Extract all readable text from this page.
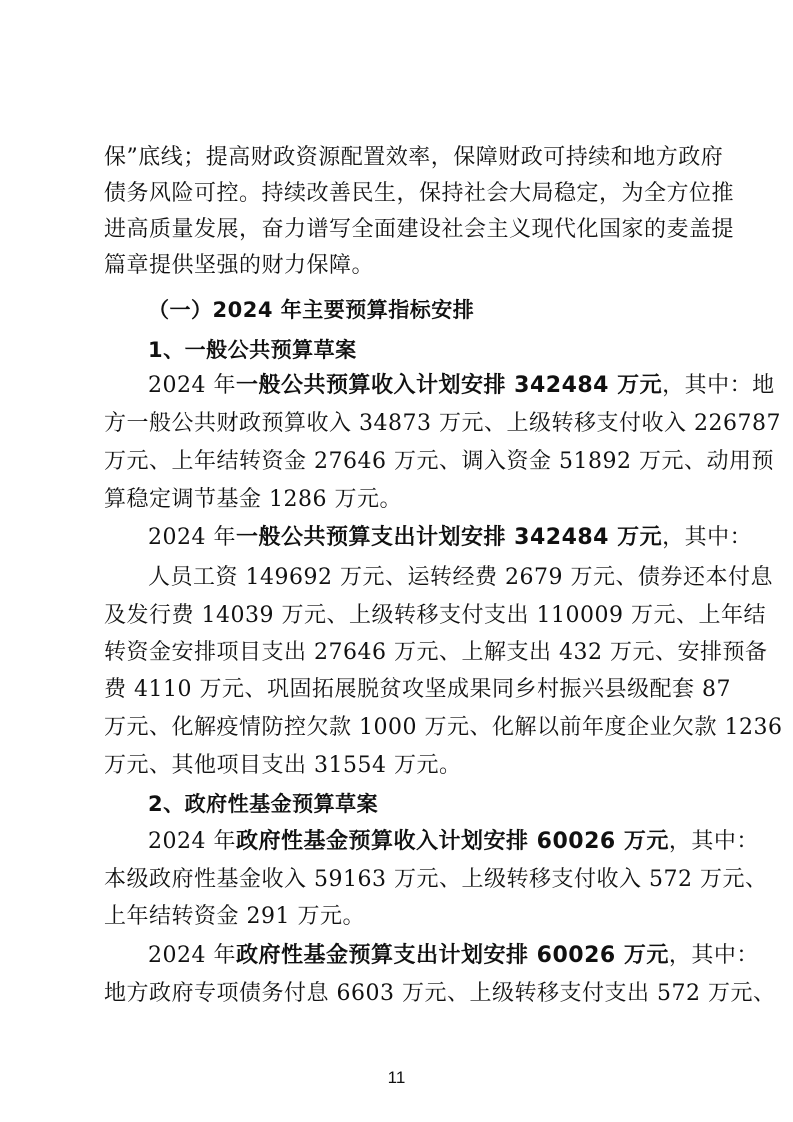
保”底线；提高财政资源配置效率，保障财政可持续和地方政府
债务风险可控。持续改善民生，保持社会大局稳定，为全方位推
进高质量发展，奋力谱写全面建设社会主义现代化国家的麦盖提
篇章提供坚强的财力保障。
（一）2024 年主要预算指标安排
1、一般公共预算草案
2024 年一般公共预算收入计划安排 342484 万元，其中：地
方一般公共财政预算收入 34873 万元、上级转移支付收入 226787
万元、上年结转资金 27646 万元、调入资金 51892 万元、动用预
算稳定调节基金 1286 万元。
2024 年一般公共预算支出计划安排 342484 万元，其中：
人员工资 149692 万元、运转经费 2679 万元、债券还本付息
及发行费 14039 万元、上级转移支付支出 110009 万元、上年结
转资金安排项目支出 27646 万元、上解支出 432 万元、安排预备
费 4110 万元、巩固拓展脱贫攻坚成果同乡村振兴县级配套 87
万元、化解疫情防控欠款 1000 万元、化解以前年度企业欠款 1236
万元、其他项目支出 31554 万元。
2、政府性基金预算草案
2024 年政府性基金预算收入计划安排 60026 万元，其中：
本级政府性基金收入 59163 万元、上级转移支付收入 572 万元、
上年结转资金 291 万元。
2024 年政府性基金预算支出计划安排 60026 万元，其中：
地方政府专项债务付息 6603 万元、上级转移支付支出 572 万元、
11
